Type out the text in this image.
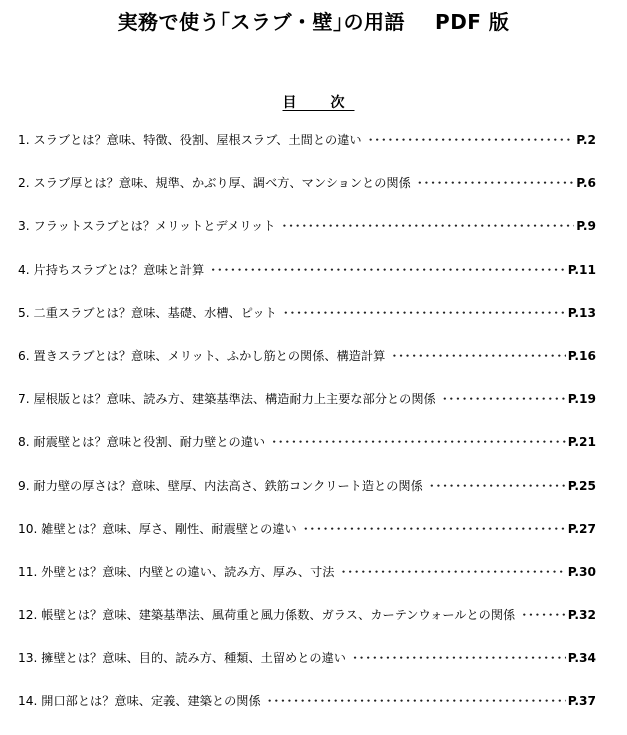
実務で使う｢スラブ・壁｣の用語 PDF 版
目　次
1. スラブとは？意味、特徴、役割、屋根スラブ、土間との違い ･･･････････････････････････････････････････････････････････････････････････････････････････････････････････････････････････････････････････････････････	P.2
2. スラブ厚とは？意味、規準、かぶり厚、調べ方、マンションとの関係 ･･･････････････････････････････････････････････････････････････････････････････････････････････････････････････････････････････････････････････････････	P.6
3. フラットスラブとは？メリットとデメリット ･･･････････････････････････････････････････････････････････････････････････････････････････････････････････････････････････････････････････････････････	P.9
4. 片持ちスラブとは？意味と計算 ･･･････････････････････････････････････････････････････････････････････････････････････････････････････････････････････････････････････････････････････	P.11
5. 二重スラブとは？意味、基礎、水槽、ピット ･･･････････････････････････････････････････････････････････････････････････････････････････････････････････････････････････････････････････････････････	P.13
6. 置きスラブとは？意味、メリット、ふかし筋との関係、構造計算 ･･･････････････････････････････････････････････････････････････････････････････････････････････････････････････････････････････････････････････････････	P.16
7. 屋根版とは？意味、読み方、建築基準法、構造耐力上主要な部分との関係 ･･･････････････････････････････････････････････････････････････････････････････････････････････････････････････････････････････････････････････････････	P.19
8. 耐震壁とは？意味と役割、耐力壁との違い ･･･････････････････････････････････････････････････････････････････････････････････････････････････････････････････････････････････････････････････････	P.21
9. 耐力壁の厚さは？意味、壁厚、内法高さ、鉄筋コンクリート造との関係 ･･･････････････････････････････････････････････････････････････････････････････････････････････････････････････････････････････････････････････････････	P.25
10. 雑壁とは？意味、厚さ、剛性、耐震壁との違い ･･･････････････････････････････････････････････････････････････････････････････････････････････････････････････････････････････････････････････････････	P.27
11. 外壁とは？意味、内壁との違い、読み方、厚み、寸法 ･･･････････････････････････････････････････････････････････････････････････････････････････････････････････････････････････････････････････････････････	P.30
12. 帳壁とは？意味、建築基準法、風荷重と風力係数、ガラス、カーテンウォールとの関係 ･･･････････････････････････････････････････････････････････････････････････････････････････････････････････････････････････････････････････････････････	P.32
13. 擁壁とは？意味、目的、読み方、種類、土留めとの違い ･･･････････････････････････････････････････････････････････････････････････････････････････････････････････････････････････････････････････････････････	P.34
14. 開口部とは？意味、定義、建築との関係 ･･･････････････････････････････････････････････････････････････････････････････････････････････････････････････････････････････････････････････････････	P.37
